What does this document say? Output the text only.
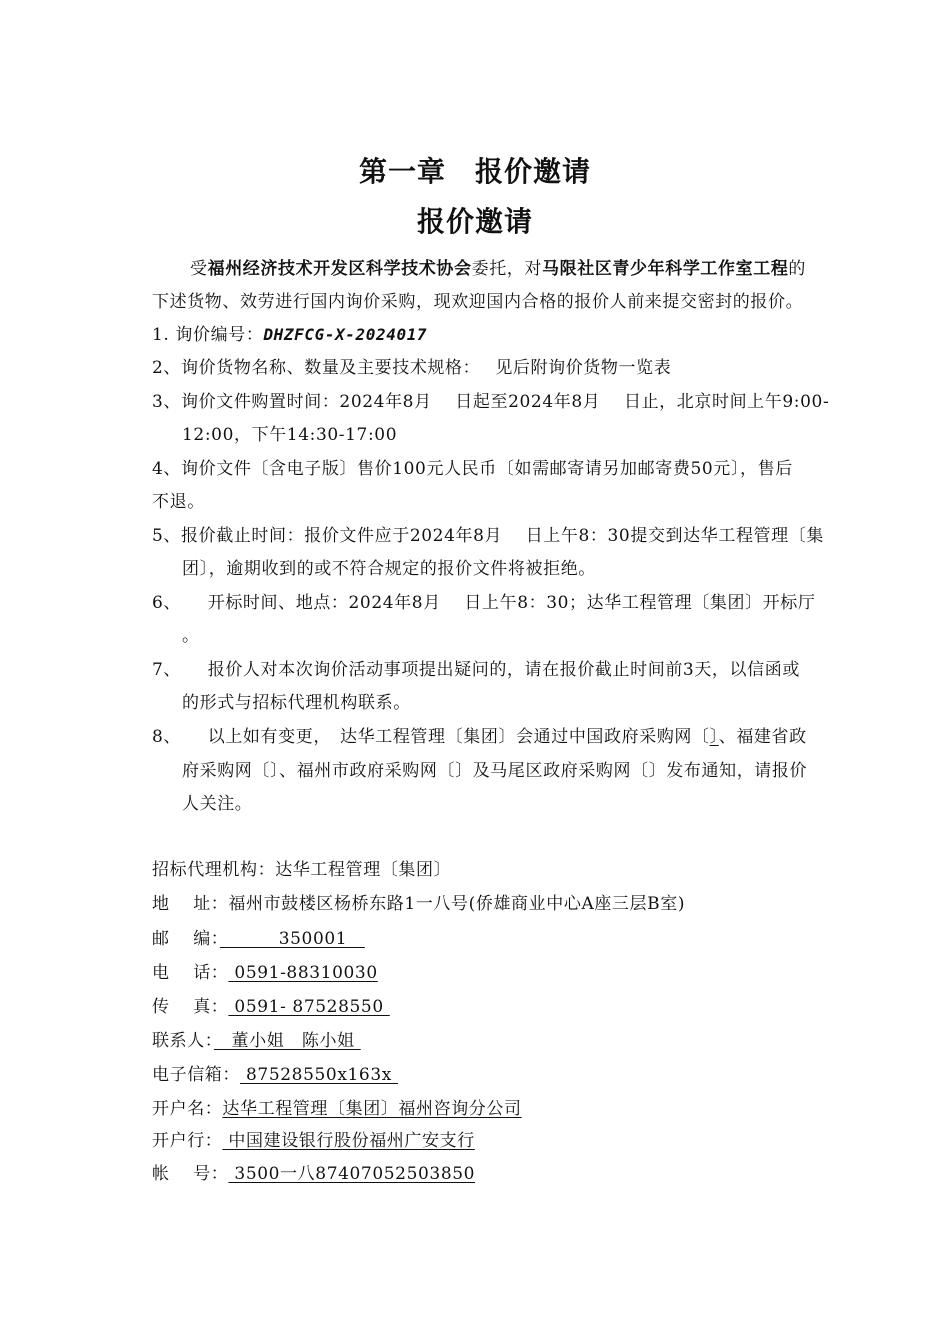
第一章　报价邀请
报价邀请
受福州经济技术开发区科学技术协会委托，对马限社区青少年科学工作室工程的
下述货物、效劳进行国内询价采购，现欢迎国内合格的报价人前来提交密封的报价。
1. 询价编号：DHZFCG-X-2024017
2、询价货物名称、数量及主要技术规格：　 见后附询价货物一览表
3、询价文件购置时间：2024年8月　 日起至2024年8月　 日止，北京时间上午9:00-
12:00，下午14:30-17:00
4、询价文件〔含电子版〕售价100元人民币〔如需邮寄请另加邮寄费50元〕，售后
不退。
5、报价截止时间：报价文件应于2024年8月　 日上午8：30提交到达华工程管理〔集
团〕，逾期收到的或不符合规定的报价文件将被拒绝。
6、　　开标时间、地点：2024年8月　 日上午8：30；达华工程管理〔集团〕开标厅
。
7、　　报价人对本次询价活动事项提出疑问的，请在报价截止时间前3天，以信函或
的形式与招标代理机构联系。
8、　　以上如有变更，　达华工程管理〔集团〕会通过中国政府采购网〔〕、福建省政
府采购网〔〕、福州市政府采购网〔〕及马尾区政府采购网〔〕发布通知，请报价
人关注。
招标代理机构：达华工程管理〔集团〕
地　 址：福州市鼓楼区杨桥东路1一八号(侨雄商业中心A座三层B室)
邮　 编：　　　 350001　
电　 话： 0591-88310030
传　 真： 0591- 87528550
联系人：　董小姐　陈小姐
电子信箱： 87528550x163x
开户名：达华工程管理〔集团〕福州咨询分公司
开户行： 中国建设银行股份福州广安支行
帐　 号： 3500一八87407052503850
